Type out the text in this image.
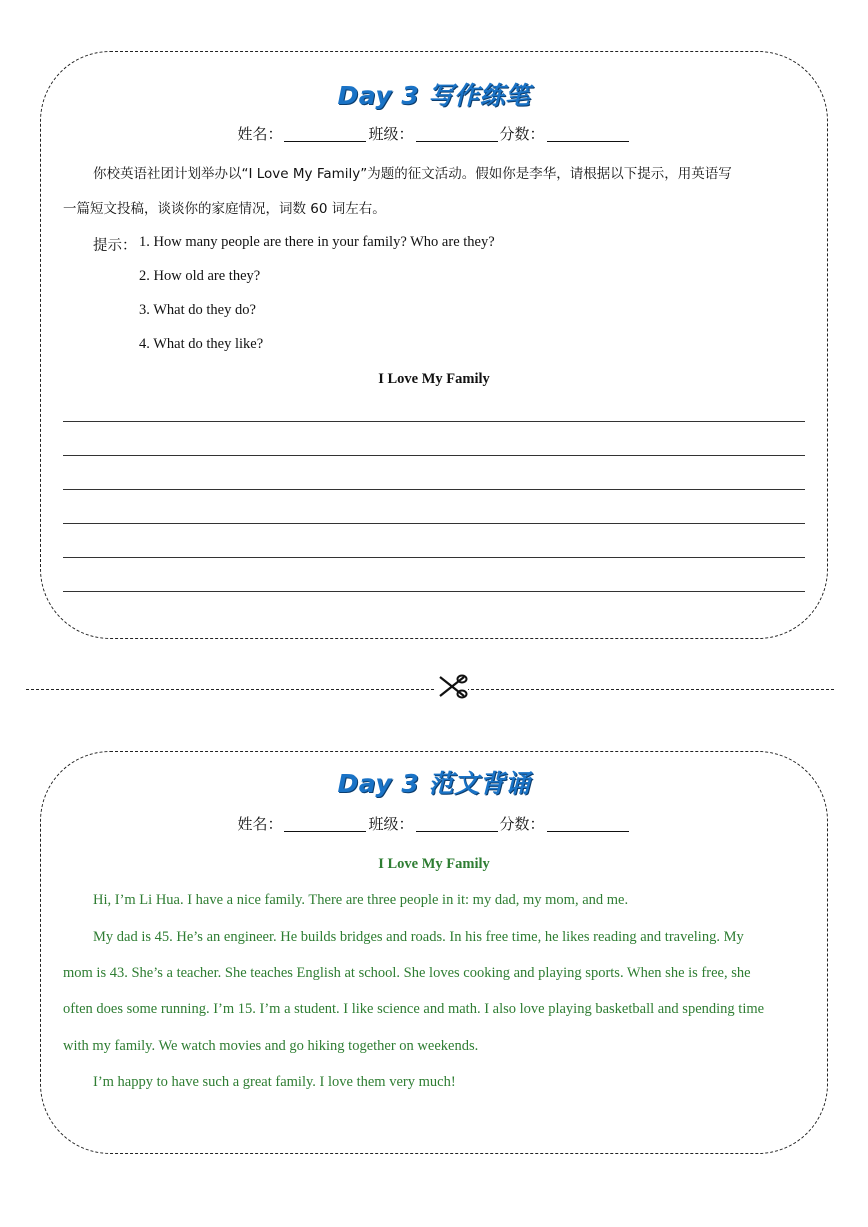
Day 3 写作练笔
姓名：	班级：	分数：
你校英语社团计划举办以“I Love My Family”为题的征文活动。假如你是李华，请根据以下提示，用英语写
一篇短文投稿，谈谈你的家庭情况，词数 60 词左右。
提示： 1. How many people are there in your family? Who are they?
2. How old are they?
3. What do they do?
4. What do they like?
I Love My Family
Day 3 范文背诵
姓名：	班级：	分数：
I Love My Family
Hi, I’m Li Hua. I have a nice family. There are three people in it: my dad, my mom, and me.
My dad is 45. He’s an engineer. He builds bridges and roads. In his free time, he likes reading and traveling. My
mom is 43. She’s a teacher. She teaches English at school. She loves cooking and playing sports. When she is free, she
often does some running. I’m 15. I’m a student. I like science and math. I also love playing basketball and spending time
with my family. We watch movies and go hiking together on weekends.
I’m happy to have such a great family. I love them very much!
